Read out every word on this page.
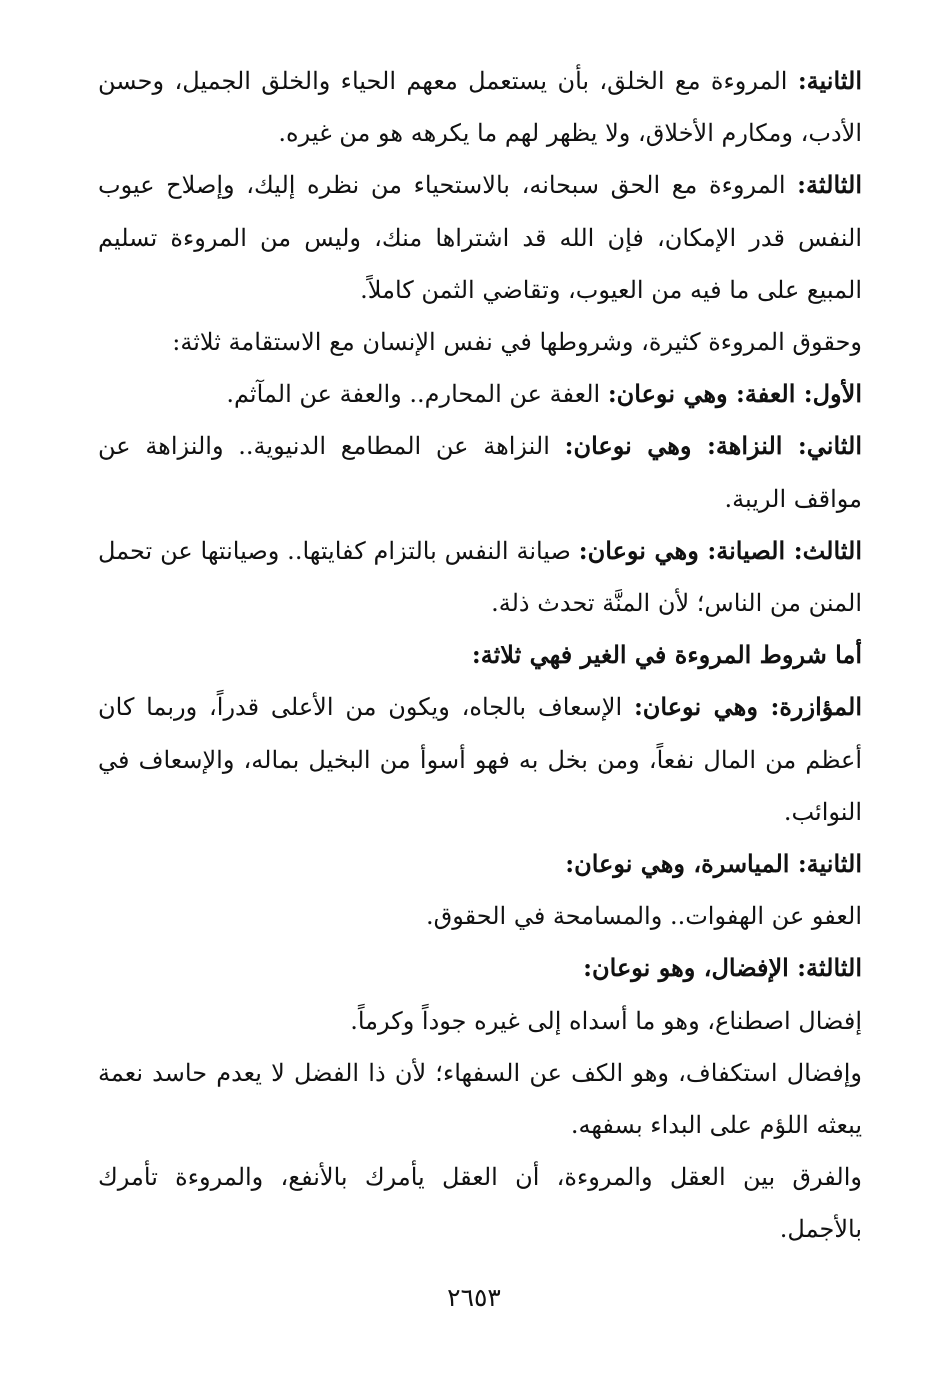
الثانية: المروءة مع الخلق، بأن يستعمل معهم الحياء والخلق الجميل، وحسن الأدب، ومكارم الأخلاق، ولا يظهر لهم ما يكرهه هو من غيره.

الثالثة: المروءة مع الحق سبحانه، بالاستحياء من نظره إليك، وإصلاح عيوب النفس قدر الإمكان، فإن الله قد اشتراها منك، وليس من المروءة تسليم المبيع على ما فيه من العيوب، وتقاضي الثمن كاملاً.

وحقوق المروءة كثيرة، وشروطها في نفس الإنسان مع الاستقامة ثلاثة:

الأول: العفة: وهي نوعان: العفة عن المحارم.. والعفة عن المآثم.

الثاني: النزاهة: وهي نوعان: النزاهة عن المطامع الدنيوية.. والنزاهة عن مواقف الريبة.

الثالث: الصيانة: وهي نوعان: صيانة النفس بالتزام كفايتها.. وصيانتها عن تحمل المنن من الناس؛ لأن المنَّة تحدث ذلة.

أما شروط المروءة في الغير فهي ثلاثة:

المؤازرة: وهي نوعان: الإسعاف بالجاه، ويكون من الأعلى قدراً، وربما كان أعظم من المال نفعاً، ومن بخل به فهو أسوأ من البخيل بماله، والإسعاف في النوائب.

الثانية: المياسرة، وهي نوعان:

العفو عن الهفوات.. والمسامحة في الحقوق.

الثالثة: الإفضال، وهو نوعان:

إفضال اصطناع، وهو ما أسداه إلى غيره جوداً وكرماً.

وإفضال استكفاف، وهو الكف عن السفهاء؛ لأن ذا الفضل لا يعدم حاسد نعمة يبعثه اللؤم على البداء بسفهه.

والفرق بين العقل والمروءة، أن العقل يأمرك بالأنفع، والمروءة تأمرك بالأجمل.

٢٦٥٣
